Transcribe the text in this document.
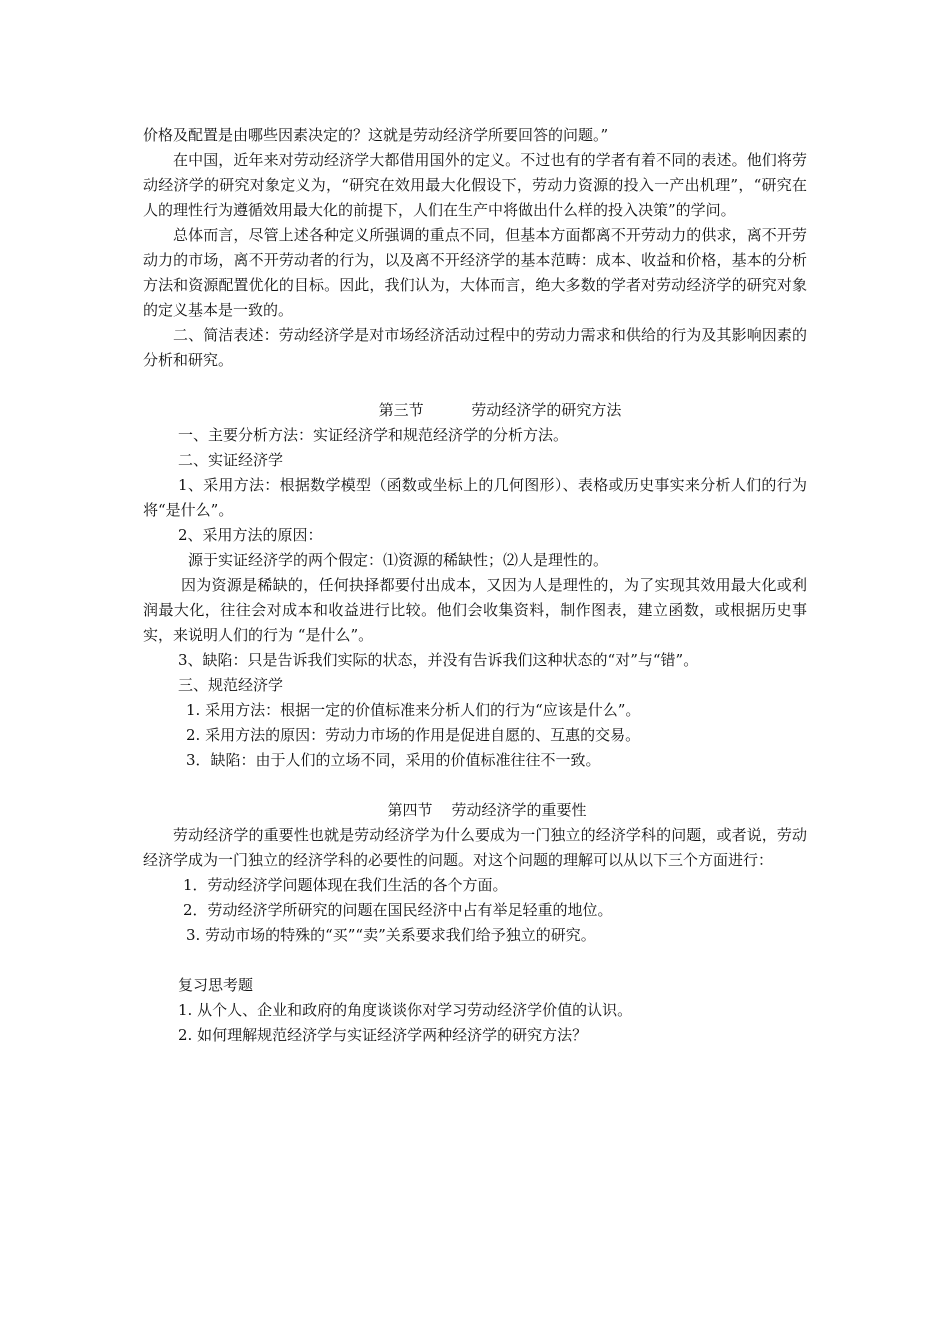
价格及配置是由哪些因素决定的？这就是劳动经济学所要回答的问题。”

在中国，近年来对劳动经济学大都借用国外的定义。不过也有的学者有着不同的表述。他们将劳动经济学的研究对象定义为，“研究在效用最大化假设下，劳动力资源的投入一产出机理”，“研究在人的理性行为遵循效用最大化的前提下，人们在生产中将做出什么样的投入决策”的学问。

总体而言，尽管上述各种定义所强调的重点不同，但基本方面都离不开劳动力的供求，离不开劳动力的市场，离不开劳动者的行为，以及离不开经济学的基本范畴：成本、收益和价格，基本的分析方法和资源配置优化的目标。因此，我们认为，大体而言，绝大多数的学者对劳动经济学的研究对象的定义基本是一致的。

二、简洁表述：劳动经济学是对市场经济活动过程中的劳动力需求和供给的行为及其影响因素的分析和研究。

第三节          劳动经济学的研究方法

一、主要分析方法：实证经济学和规范经济学的分析方法。

二、实证经济学

1、采用方法：根据数学模型（函数或坐标上的几何图形）、表格或历史事实来分析人们的行为将“是什么”。

2、采用方法的原因：

源于实证经济学的两个假定：⑴资源的稀缺性；⑵人是理性的。

因为资源是稀缺的，任何抉择都要付出成本，又因为人是理性的，为了实现其效用最大化或利润最大化，往往会对成本和收益进行比较。他们会收集资料，制作图表，建立函数，或根据历史事实，来说明人们的行为 “是什么”。

3、缺陷：只是告诉我们实际的状态，并没有告诉我们这种状态的“对”与“错”。

三、规范经济学

1. 采用方法：根据一定的价值标准来分析人们的行为“应该是什么”。

2. 采用方法的原因：劳动力市场的作用是促进自愿的、互惠的交易。

3．缺陷：由于人们的立场不同，采用的价值标准往往不一致。

第四节    劳动经济学的重要性

劳动经济学的重要性也就是劳动经济学为什么要成为一门独立的经济学科的问题，或者说，劳动经济学成为一门独立的经济学科的必要性的问题。对这个问题的理解可以从以下三个方面进行：

1．劳动经济学问题体现在我们生活的各个方面。

2．劳动经济学所研究的问题在国民经济中占有举足轻重的地位。

3. 劳动市场的特殊的“买”“卖”关系要求我们给予独立的研究。

复习思考题

1. 从个人、企业和政府的角度谈谈你对学习劳动经济学价值的认识。

2. 如何理解规范经济学与实证经济学两种经济学的研究方法？
